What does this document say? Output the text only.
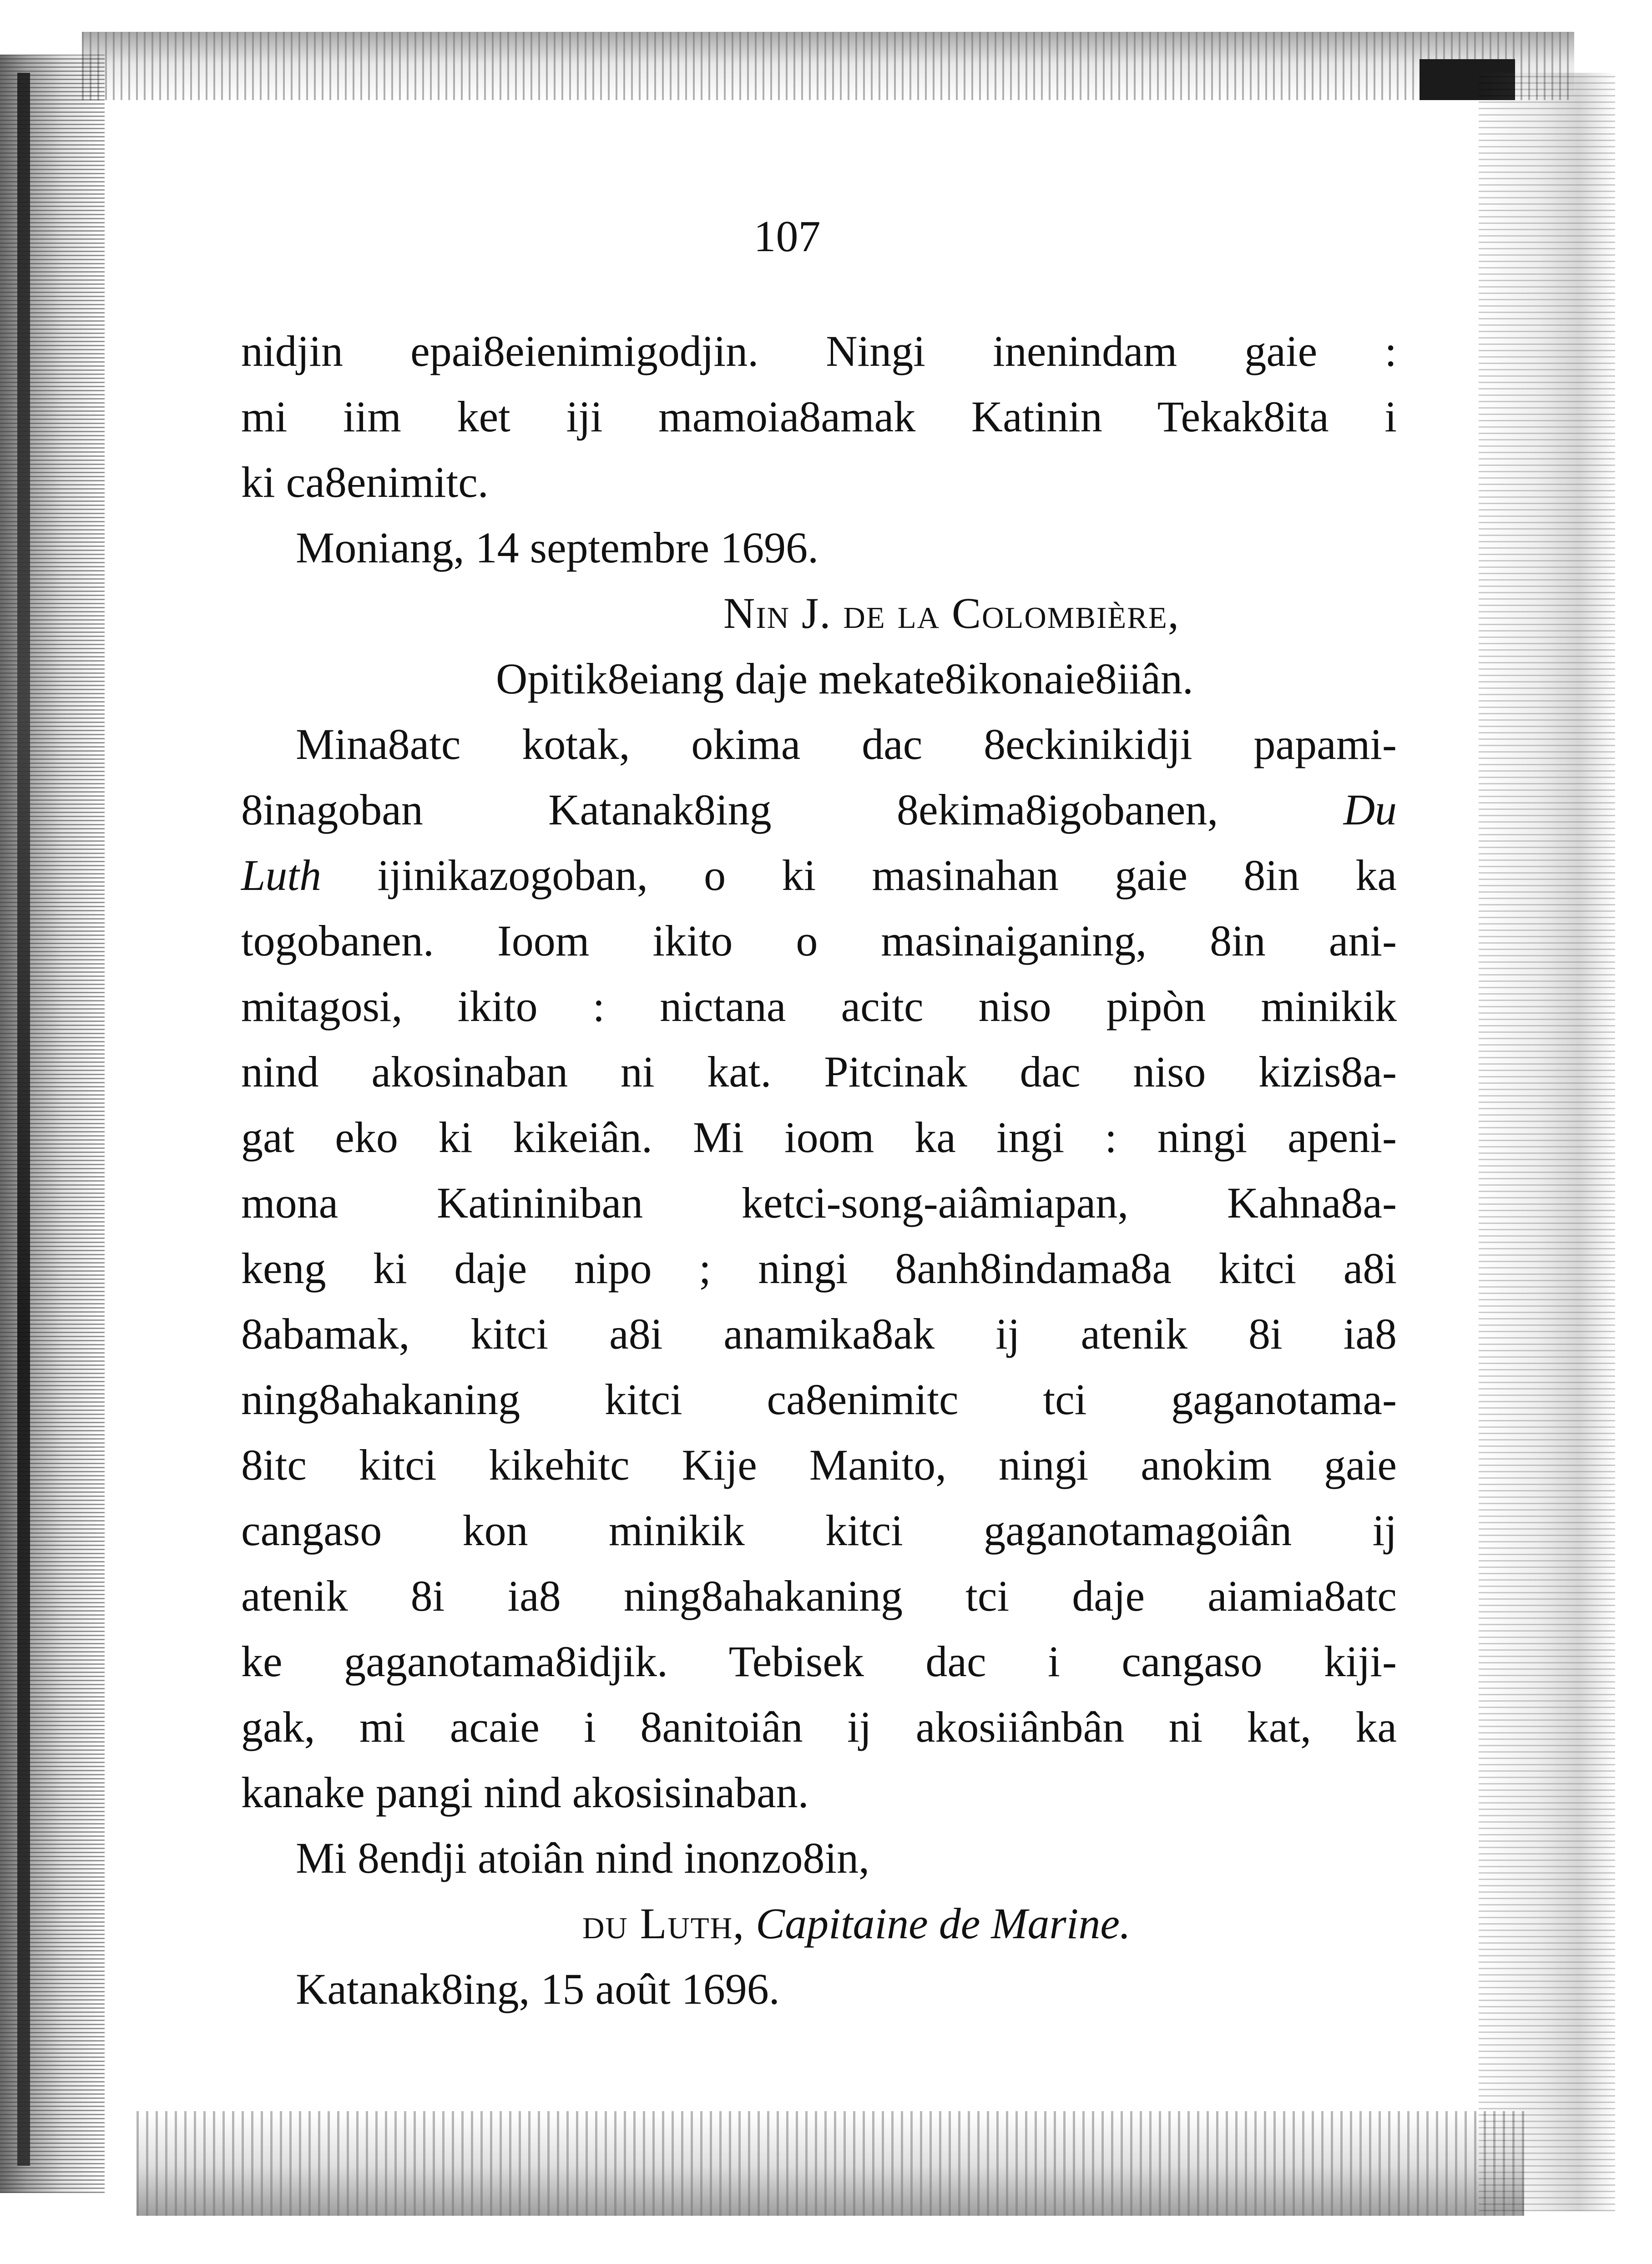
107
nidjin epai8eienimigodjin. Ningi inenindam gaie :
mi iim ket iji mamoia8amak Katinin Tekak8ita i
ki ca8enimitc.
Moniang, 14 septembre 1696.
Nin J. de la Colombière,
Opitik8eiang daje mekate8ikonaie8iiân.
Mina8atc kotak, okima dac 8eckinikidji papami-
8inagoban Katanak8ing 8ekima8igobanen,	Du
Luth ijinikazogoban, o ki masinahan gaie 8in ka
togobanen. Ioom ikito o masinaiganing, 8in ani-
mitagosi, ikito : nictana acitc niso pipòn minikik
nind akosinaban ni kat. Pitcinak dac niso kizis8a-
gat eko ki kikeiân. Mi ioom ka ingi : ningi apeni-
mona Katininiban ketci-song-aiâmiapan, Kahna8a-
keng ki daje nipo ; ningi 8anh8indama8a kitci a8i
8abamak, kitci a8i anamika8ak ij atenik 8i ia8
ning8ahakaning kitci ca8enimitc tci gaganotama-
8itc kitci kikehitc Kije Manito, ningi anokim gaie
cangaso kon minikik kitci gaganotamagoiân ij
atenik 8i ia8 ning8ahakaning tci daje aiamia8atc
ke gaganotama8idjik. Tebisek dac i cangaso kiji-
gak, mi acaie i 8anitoiân ij akosiiânbân ni kat, ka
kanake pangi nind akosisinaban.
Mi 8endji atoiân nind inonzo8in,
du Luth, Capitaine de Marine.
Katanak8ing, 15 août 1696.
